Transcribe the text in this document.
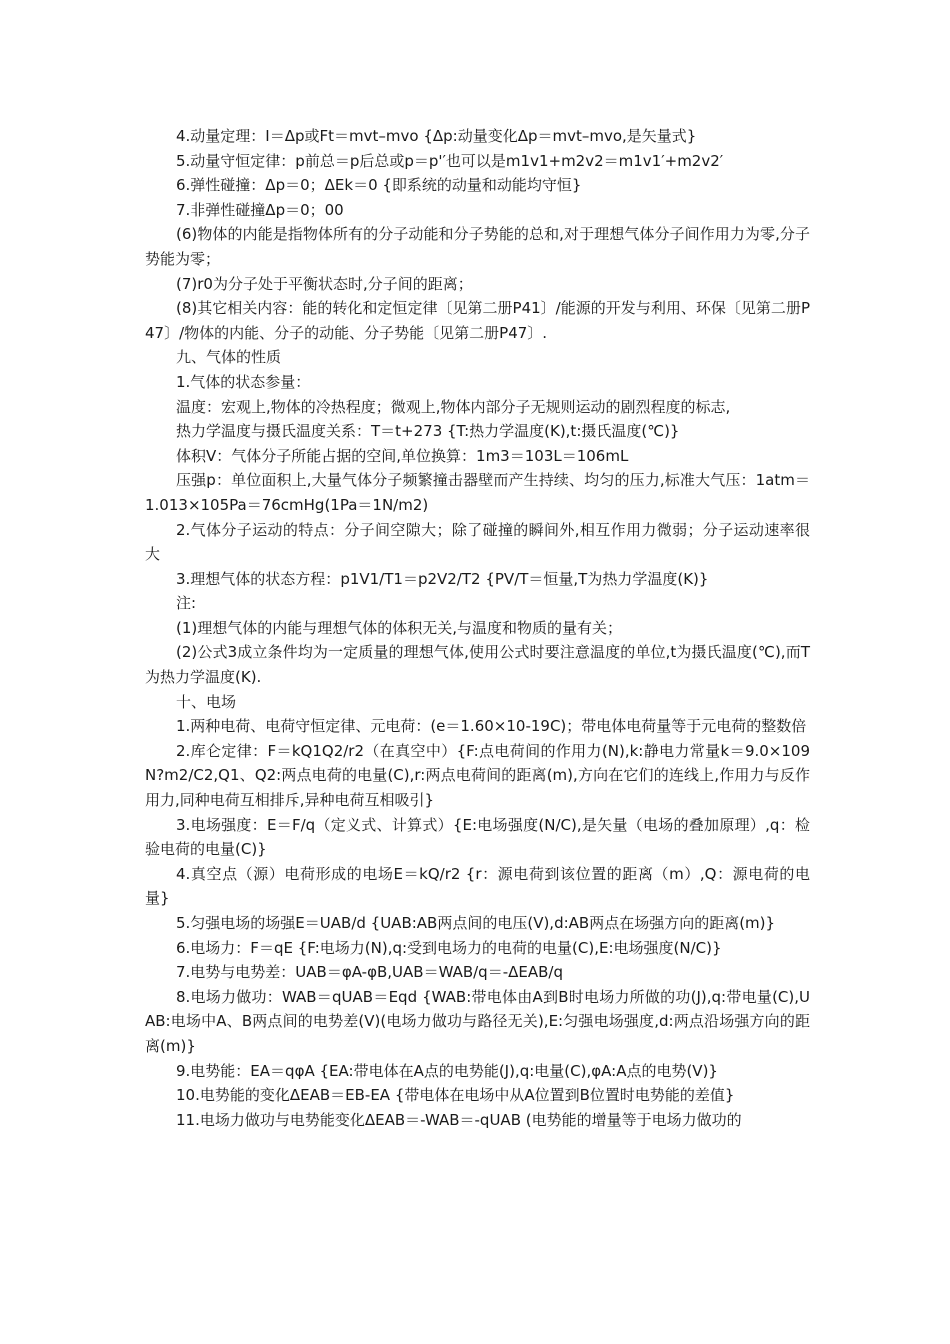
4.动量定理：I＝Δp或Ft＝mvt–mvo {Δp:动量变化Δp＝mvt–mvo,是矢量式}

5.动量守恒定律：p前总＝p后总或p＝p'′也可以是m1v1+m2v2＝m1v1′+m2v2′

6.弹性碰撞：Δp＝0；ΔEk＝0 {即系统的动量和动能均守恒}

7.非弹性碰撞Δp＝0；00

(6)物体的内能是指物体所有的分子动能和分子势能的总和,对于理想气体分子间作用力为零,分子势能为零；

(7)r0为分子处于平衡状态时,分子间的距离；

(8)其它相关内容：能的转化和定恒定律〔见第二册P41〕/能源的开发与利用、环保〔见第二册P47〕/物体的内能、分子的动能、分子势能〔见第二册P47〕.

九、气体的性质

1.气体的状态参量：

温度：宏观上,物体的冷热程度；微观上,物体内部分子无规则运动的剧烈程度的标志,

热力学温度与摄氏温度关系：T＝t+273 {T:热力学温度(K),t:摄氏温度(℃)}

体积V：气体分子所能占据的空间,单位换算：1m3＝103L＝106mL

压强p：单位面积上,大量气体分子频繁撞击器壁而产生持续、均匀的压力,标准大气压：1atm＝1.013×105Pa＝76cmHg(1Pa＝1N/m2)

2.气体分子运动的特点：分子间空隙大；除了碰撞的瞬间外,相互作用力微弱；分子运动速率很大

3.理想气体的状态方程：p1V1/T1＝p2V2/T2 {PV/T＝恒量,T为热力学温度(K)}

注:

(1)理想气体的内能与理想气体的体积无关,与温度和物质的量有关；

(2)公式3成立条件均为一定质量的理想气体,使用公式时要注意温度的单位,t为摄氏温度(℃),而T为热力学温度(K).

十、电场

1.两种电荷、电荷守恒定律、元电荷：(e＝1.60×10-19C)；带电体电荷量等于元电荷的整数倍

2.库仑定律：F＝kQ1Q2/r2（在真空中）{F:点电荷间的作用力(N),k:静电力常量k＝9.0×109N?m2/C2,Q1、Q2:两点电荷的电量(C),r:两点电荷间的距离(m),方向在它们的连线上,作用力与反作用力,同种电荷互相排斥,异种电荷互相吸引}

3.电场强度：E＝F/q（定义式、计算式）{E:电场强度(N/C),是矢量（电场的叠加原理）,q：检验电荷的电量(C)}

4.真空点（源）电荷形成的电场E＝kQ/r2 {r：源电荷到该位置的距离（m）,Q：源电荷的电量}

5.匀强电场的场强E＝UAB/d {UAB:AB两点间的电压(V),d:AB两点在场强方向的距离(m)}

6.电场力：F＝qE {F:电场力(N),q:受到电场力的电荷的电量(C),E:电场强度(N/C)}

7.电势与电势差：UAB＝φA-φB,UAB＝WAB/q＝-ΔEAB/q

8.电场力做功：WAB＝qUAB＝Eqd {WAB:带电体由A到B时电场力所做的功(J),q:带电量(C),UAB:电场中A、B两点间的电势差(V)(电场力做功与路径无关),E:匀强电场强度,d:两点沿场强方向的距离(m)}

9.电势能：EA＝qφA {EA:带电体在A点的电势能(J),q:电量(C),φA:A点的电势(V)}

10.电势能的变化ΔEAB＝EB-EA {带电体在电场中从A位置到B位置时电势能的差值}

11.电场力做功与电势能变化ΔEAB＝-WAB＝-qUAB (电势能的增量等于电场力做功的
